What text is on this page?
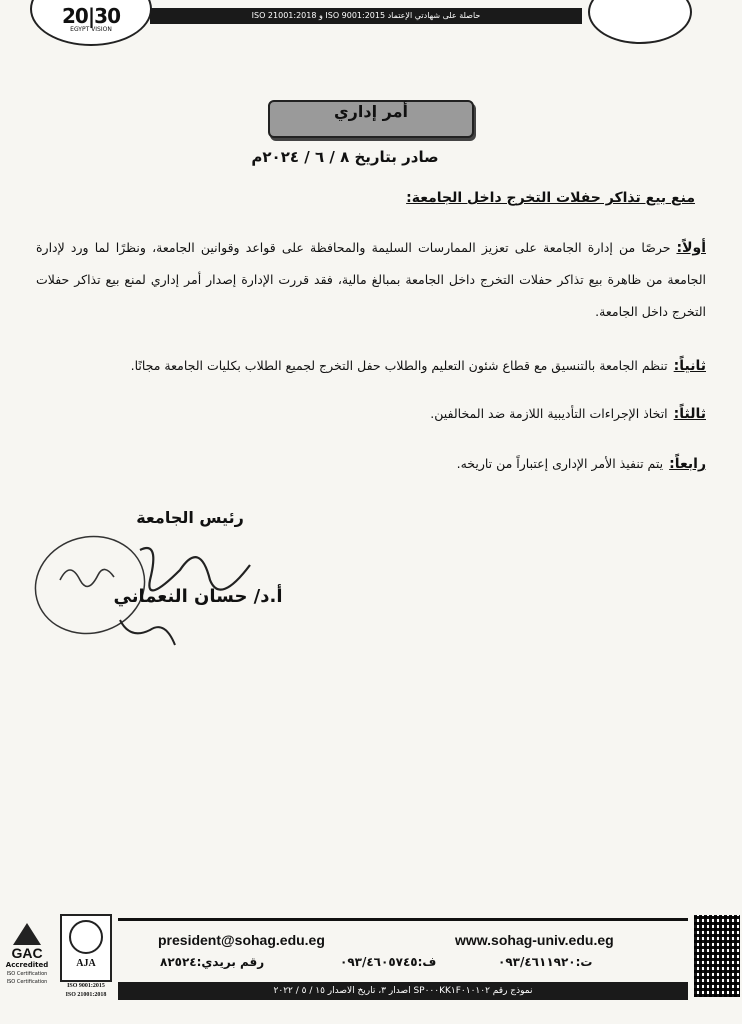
20|30
EGYPT VISION
حاصلة على شهادتي الإعتماد ISO 9001:2015 و ISO 21001:2018
أمر إداري
صادر بتاريخ ٨ / ٦ / ٢٠٢٤م
منع بيع تذاكر حفلات التخرج داخل الجامعة:
أولاً:حرصًا من إدارة الجامعة على تعزيز الممارسات السليمة والمحافظة على قواعد وقوانين الجامعة، ونظرًا لما ورد لإدارة الجامعة من ظاهرة بيع تذاكر حفلات التخرج داخل الجامعة بمبالغ مالية، فقد قررت الإدارة إصدار أمر إداري لمنع بيع تذاكر حفلات التخرج داخل الجامعة.
ثانياً:تنظم الجامعة بالتنسيق مع قطاع شئون التعليم والطلاب حفل التخرج لجميع الطلاب بكليات الجامعة مجانًا.
ثالثاً:اتخاذ الإجراءات التأديبية اللازمة ضد المخالفين.
رابعاً:يتم تنفيذ الأمر الإدارى إعتباراً من تاريخه.
رئيس الجامعة
أ.د/ حسان النعماني
GAC
Accredited
ISO Certification
ISO Certification
AJA
ISO 9001:2015
ISO 21001:2018
president@sohag.edu.eg	www.sohag-univ.edu.eg
رقم بريدي:٨٢٥٢٤	ف:٠٩٣/٤٦٠٥٧٤٥	ت:٠٩٣/٤٦١١٩٢٠
نموذج رقم SP٠٠٠KK١F٠١٠١٠٢ اصدار ٣، تاريخ الاصدار ١٥ / ٥ / ٢٠٢٢
